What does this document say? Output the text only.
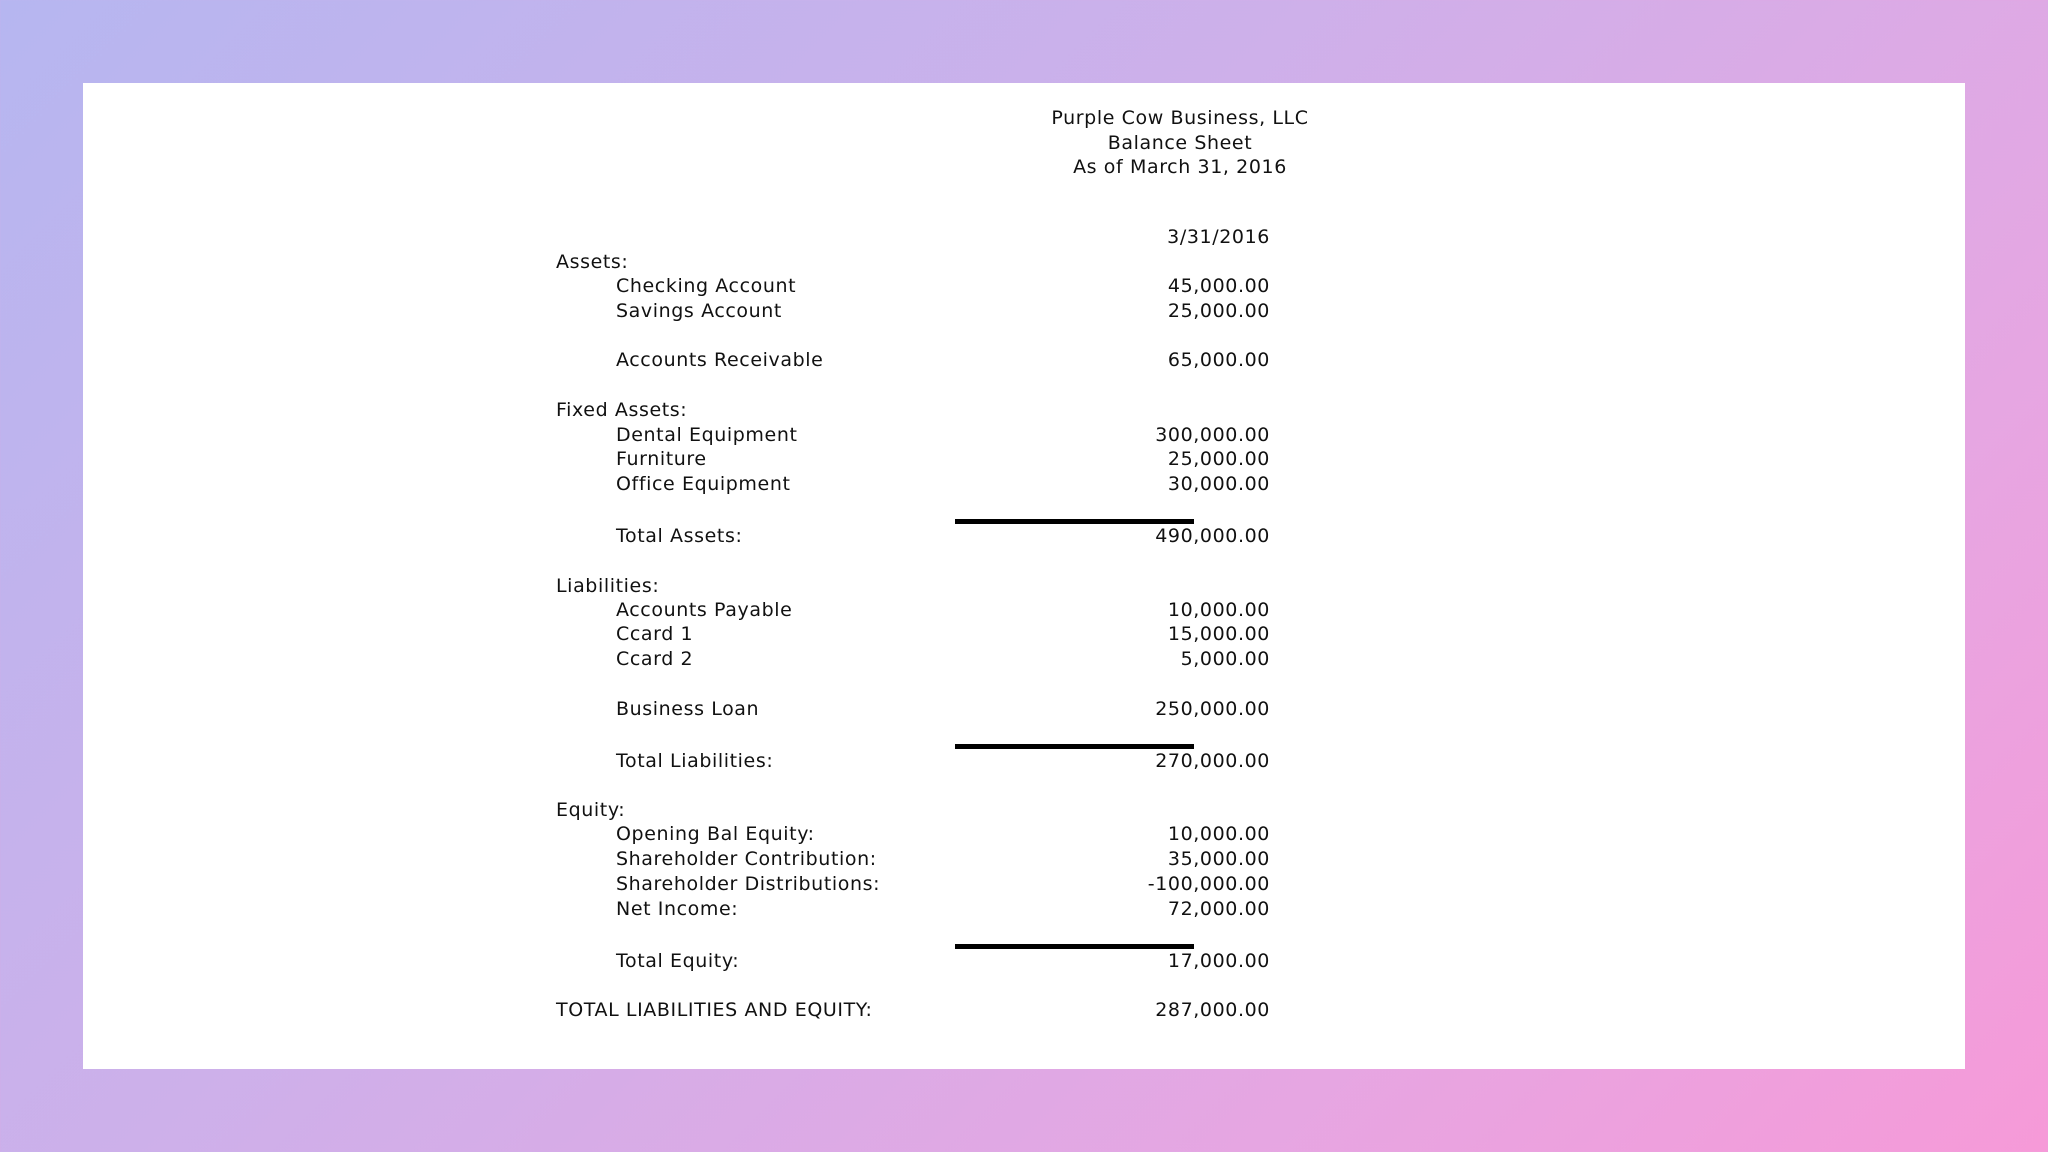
Purple Cow Business, LLC
Balance Sheet
As of March 31, 2016
3/31/2016
Assets:
Checking Account	45,000.00
Savings Account	25,000.00
Accounts Receivable	65,000.00
Fixed Assets:
Dental Equipment	300,000.00
Furniture	25,000.00
Office Equipment	30,000.00
Total Assets:	490,000.00
Liabilities:
Accounts Payable	10,000.00
Ccard 1	15,000.00
Ccard 2	5,000.00
Business Loan	250,000.00
Total Liabilities:	270,000.00
Equity:
Opening Bal Equity:	10,000.00
Shareholder Contribution:	35,000.00
Shareholder Distributions:	-100,000.00
Net Income:	72,000.00
Total Equity:	17,000.00
TOTAL LIABILITIES AND EQUITY:	287,000.00
